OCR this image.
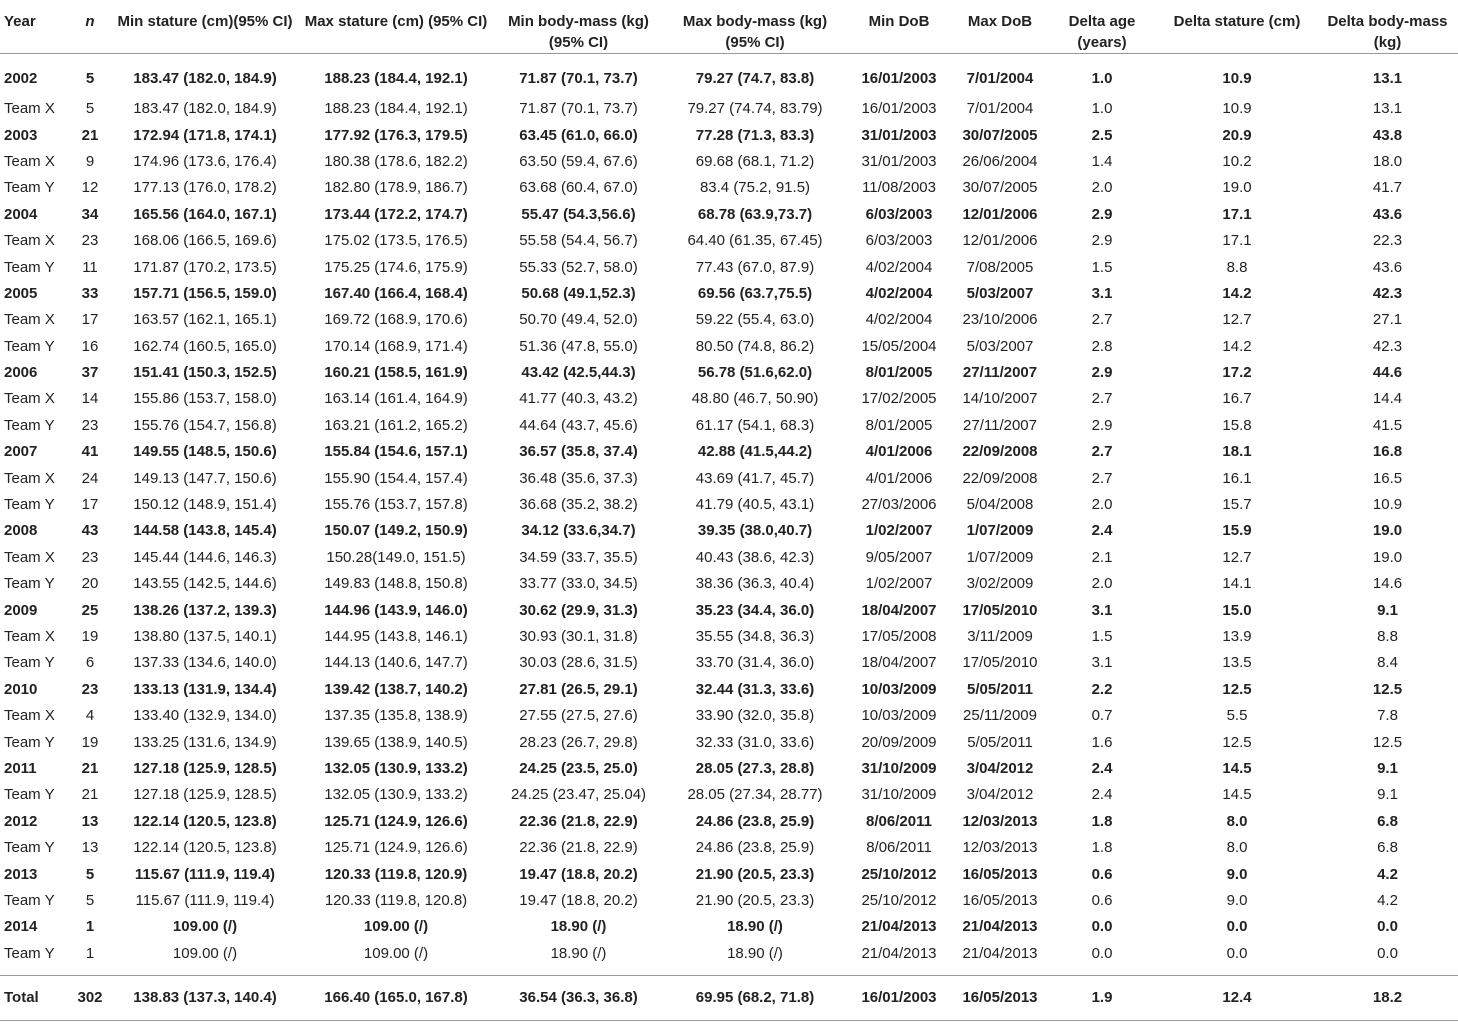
Year	n	Min stature (cm)(95% CI)	Max stature (cm) (95% CI)	Min body-mass (kg) (95% CI)	Max body-mass (kg) (95% CI)	Min DoB	Max DoB	Delta age (years)	Delta stature (cm)	Delta body-mass (kg)
2002	5	183.47 (182.0, 184.9)	188.23 (184.4, 192.1)	71.87 (70.1, 73.7)	79.27 (74.7, 83.8)	16/01/2003	7/01/2004	1.0	10.9	13.1
Team X	5	183.47 (182.0, 184.9)	188.23 (184.4, 192.1)	71.87 (70.1, 73.7)	79.27 (74.74, 83.79)	16/01/2003	7/01/2004	1.0	10.9	13.1
2003	21	172.94 (171.8, 174.1)	177.92 (176.3, 179.5)	63.45 (61.0, 66.0)	77.28 (71.3, 83.3)	31/01/2003	30/07/2005	2.5	20.9	43.8
Team X	9	174.96 (173.6, 176.4)	180.38 (178.6, 182.2)	63.50 (59.4, 67.6)	69.68 (68.1, 71.2)	31/01/2003	26/06/2004	1.4	10.2	18.0
Team Y	12	177.13 (176.0, 178.2)	182.80 (178.9, 186.7)	63.68 (60.4, 67.0)	83.4 (75.2, 91.5)	11/08/2003	30/07/2005	2.0	19.0	41.7
2004	34	165.56 (164.0, 167.1)	173.44 (172.2, 174.7)	55.47 (54.3,56.6)	68.78 (63.9,73.7)	6/03/2003	12/01/2006	2.9	17.1	43.6
Team X	23	168.06 (166.5, 169.6)	175.02 (173.5, 176.5)	55.58 (54.4, 56.7)	64.40 (61.35, 67.45)	6/03/2003	12/01/2006	2.9	17.1	22.3
Team Y	11	171.87 (170.2, 173.5)	175.25 (174.6, 175.9)	55.33 (52.7, 58.0)	77.43 (67.0, 87.9)	4/02/2004	7/08/2005	1.5	8.8	43.6
2005	33	157.71 (156.5, 159.0)	167.40 (166.4, 168.4)	50.68 (49.1,52.3)	69.56 (63.7,75.5)	4/02/2004	5/03/2007	3.1	14.2	42.3
Team X	17	163.57 (162.1, 165.1)	169.72 (168.9, 170.6)	50.70 (49.4, 52.0)	59.22 (55.4, 63.0)	4/02/2004	23/10/2006	2.7	12.7	27.1
Team Y	16	162.74 (160.5, 165.0)	170.14 (168.9, 171.4)	51.36 (47.8, 55.0)	80.50 (74.8, 86.2)	15/05/2004	5/03/2007	2.8	14.2	42.3
2006	37	151.41 (150.3, 152.5)	160.21 (158.5, 161.9)	43.42 (42.5,44.3)	56.78 (51.6,62.0)	8/01/2005	27/11/2007	2.9	17.2	44.6
Team X	14	155.86 (153.7, 158.0)	163.14 (161.4, 164.9)	41.77 (40.3, 43.2)	48.80 (46.7, 50.90)	17/02/2005	14/10/2007	2.7	16.7	14.4
Team Y	23	155.76 (154.7, 156.8)	163.21 (161.2, 165.2)	44.64 (43.7, 45.6)	61.17 (54.1, 68.3)	8/01/2005	27/11/2007	2.9	15.8	41.5
2007	41	149.55 (148.5, 150.6)	155.84 (154.6, 157.1)	36.57 (35.8, 37.4)	42.88 (41.5,44.2)	4/01/2006	22/09/2008	2.7	18.1	16.8
Team X	24	149.13 (147.7, 150.6)	155.90 (154.4, 157.4)	36.48 (35.6, 37.3)	43.69 (41.7, 45.7)	4/01/2006	22/09/2008	2.7	16.1	16.5
Team Y	17	150.12 (148.9, 151.4)	155.76 (153.7, 157.8)	36.68 (35.2, 38.2)	41.79 (40.5, 43.1)	27/03/2006	5/04/2008	2.0	15.7	10.9
2008	43	144.58 (143.8, 145.4)	150.07 (149.2, 150.9)	34.12 (33.6,34.7)	39.35 (38.0,40.7)	1/02/2007	1/07/2009	2.4	15.9	19.0
Team X	23	145.44 (144.6, 146.3)	150.28(149.0, 151.5)	34.59 (33.7, 35.5)	40.43 (38.6, 42.3)	9/05/2007	1/07/2009	2.1	12.7	19.0
Team Y	20	143.55 (142.5, 144.6)	149.83 (148.8, 150.8)	33.77 (33.0, 34.5)	38.36 (36.3, 40.4)	1/02/2007	3/02/2009	2.0	14.1	14.6
2009	25	138.26 (137.2, 139.3)	144.96 (143.9, 146.0)	30.62 (29.9, 31.3)	35.23 (34.4, 36.0)	18/04/2007	17/05/2010	3.1	15.0	9.1
Team X	19	138.80 (137.5, 140.1)	144.95 (143.8, 146.1)	30.93 (30.1, 31.8)	35.55 (34.8, 36.3)	17/05/2008	3/11/2009	1.5	13.9	8.8
Team Y	6	137.33 (134.6, 140.0)	144.13 (140.6, 147.7)	30.03 (28.6, 31.5)	33.70 (31.4, 36.0)	18/04/2007	17/05/2010	3.1	13.5	8.4
2010	23	133.13 (131.9, 134.4)	139.42 (138.7, 140.2)	27.81 (26.5, 29.1)	32.44 (31.3, 33.6)	10/03/2009	5/05/2011	2.2	12.5	12.5
Team X	4	133.40 (132.9, 134.0)	137.35 (135.8, 138.9)	27.55 (27.5, 27.6)	33.90 (32.0, 35.8)	10/03/2009	25/11/2009	0.7	5.5	7.8
Team Y	19	133.25 (131.6, 134.9)	139.65 (138.9, 140.5)	28.23 (26.7, 29.8)	32.33 (31.0, 33.6)	20/09/2009	5/05/2011	1.6	12.5	12.5
2011	21	127.18 (125.9, 128.5)	132.05 (130.9, 133.2)	24.25 (23.5, 25.0)	28.05 (27.3, 28.8)	31/10/2009	3/04/2012	2.4	14.5	9.1
Team Y	21	127.18 (125.9, 128.5)	132.05 (130.9, 133.2)	24.25 (23.47, 25.04)	28.05 (27.34, 28.77)	31/10/2009	3/04/2012	2.4	14.5	9.1
2012	13	122.14 (120.5, 123.8)	125.71 (124.9, 126.6)	22.36 (21.8, 22.9)	24.86 (23.8, 25.9)	8/06/2011	12/03/2013	1.8	8.0	6.8
Team Y	13	122.14 (120.5, 123.8)	125.71 (124.9, 126.6)	22.36 (21.8, 22.9)	24.86 (23.8, 25.9)	8/06/2011	12/03/2013	1.8	8.0	6.8
2013	5	115.67 (111.9, 119.4)	120.33 (119.8, 120.9)	19.47 (18.8, 20.2)	21.90 (20.5, 23.3)	25/10/2012	16/05/2013	0.6	9.0	4.2
Team Y	5	115.67 (111.9, 119.4)	120.33 (119.8, 120.8)	19.47 (18.8, 20.2)	21.90 (20.5, 23.3)	25/10/2012	16/05/2013	0.6	9.0	4.2
2014	1	109.00 (/)	109.00 (/)	18.90 (/)	18.90 (/)	21/04/2013	21/04/2013	0.0	0.0	0.0
Team Y	1	109.00 (/)	109.00 (/)	18.90 (/)	18.90 (/)	21/04/2013	21/04/2013	0.0	0.0	0.0

Total	302	138.83 (137.3, 140.4)	166.40 (165.0, 167.8)	36.54 (36.3, 36.8)	69.95 (68.2, 71.8)	16/01/2003	16/05/2013	1.9	12.4	18.2
